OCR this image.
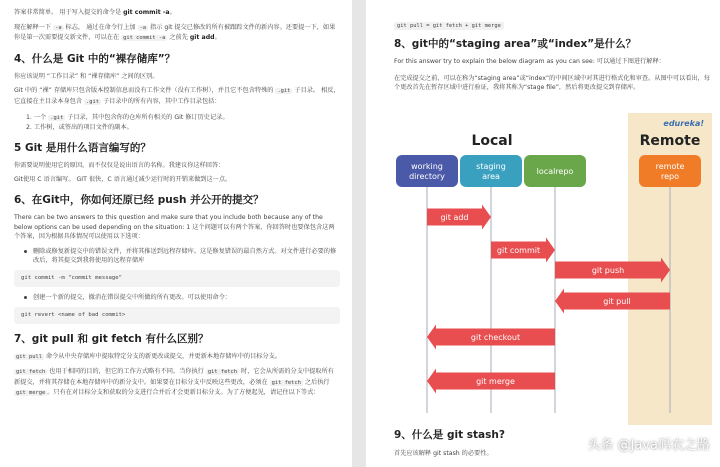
答案非常简单。 用于写入提交的命令是 git commit -a。

现在解释一下 -a 标志， 通过在命令行上加 -a 指示 git 提交已修改的所有被跟踪文件的新内容。还要提一下，如果你是第一次需要提交新文件，可以在在 git commit -a 之前先 git add。

4、什么是 Git 中的“裸存储库”？

你应该说明 “工作目录” 和 “裸存储库” 之间的区别。

Git 中的 “裸” 存储库只包含版本控制信息而没有工作文件（没有工作树），并且它不包含特殊的 .git 子目录。 相反，它直接在主目录本身包含 .git 子目录中的所有内容，其中工作目录包括：

1. 一个 .git 子目录，其中包含你的仓库所有相关的 Git 修订历史记录。
2. 工作树，或签出的项目文件的副本。
5 Git 是用什么语言编写的？

你需要说明使用它的原因，而不仅仅是说出语言的名称。我建议你这样回答：

Git使用 C 语言编写。 GIT 很快，C 语言通过减少运行时的开销来做到这一点。

6、在Git中，你如何还原已经 push 并公开的提交？

There can be two answers to this question and make sure that you include both because any of the below options can be used depending on the situation: 1 这个问题可以有两个答案，你回答时也要保包含这两个答案，因为根据具体情况可以使用以下选项：

删除或修复新提交中的错误文件，并将其推送到远程存储库。这是修复错误的最自然方式。对文件进行必要的修改后，将其提交到我将使用的远程存储库
git commit -m "commit message"
创建一个新的提交，撤消在错误提交中所做的所有更改。可以使用命令：
git revert <name of bad commit>
7、git pull 和 git fetch 有什么区别？

git pull 命令从中央存储库中提取特定分支的新更改或提交，并更新本地存储库中的目标分支。

git fetch 也用于相同的目的，但它的工作方式略有不同。当你执行 git fetch 时，它会从所需的分支中提取所有新提交，并将其存储在本地存储库中的新分支中。如果要在目标分支中反映这些更改，必须在 git fetch 之后执行git merge 。只有在对目标分支和获取的分支进行合并后才会更新目标分支。为了方便起见，请记住以下等式：

git pull = git fetch + git merge
8、git中的“staging area”或“index”是什么？

For this answer try to explain the below diagram as you can see: 可以通过下图进行解释：

在完成提交之前，可以在称为“staging area”或“index”的中间区域中对其进行格式化和审查。从图中可以看出，每个更改首先在暂存区域中进行验证，我将其称为“stage file”，然后将更改提交到存储库。

edureka!
Local	Remote
working
directory
staging
area
localrepo
remote
repo
git add
git commit
git push
git pull
git checkout
git merge
9、什么是 git stash?

首先应该解释 git stash 的必要性。

头条 @Java码农之路
